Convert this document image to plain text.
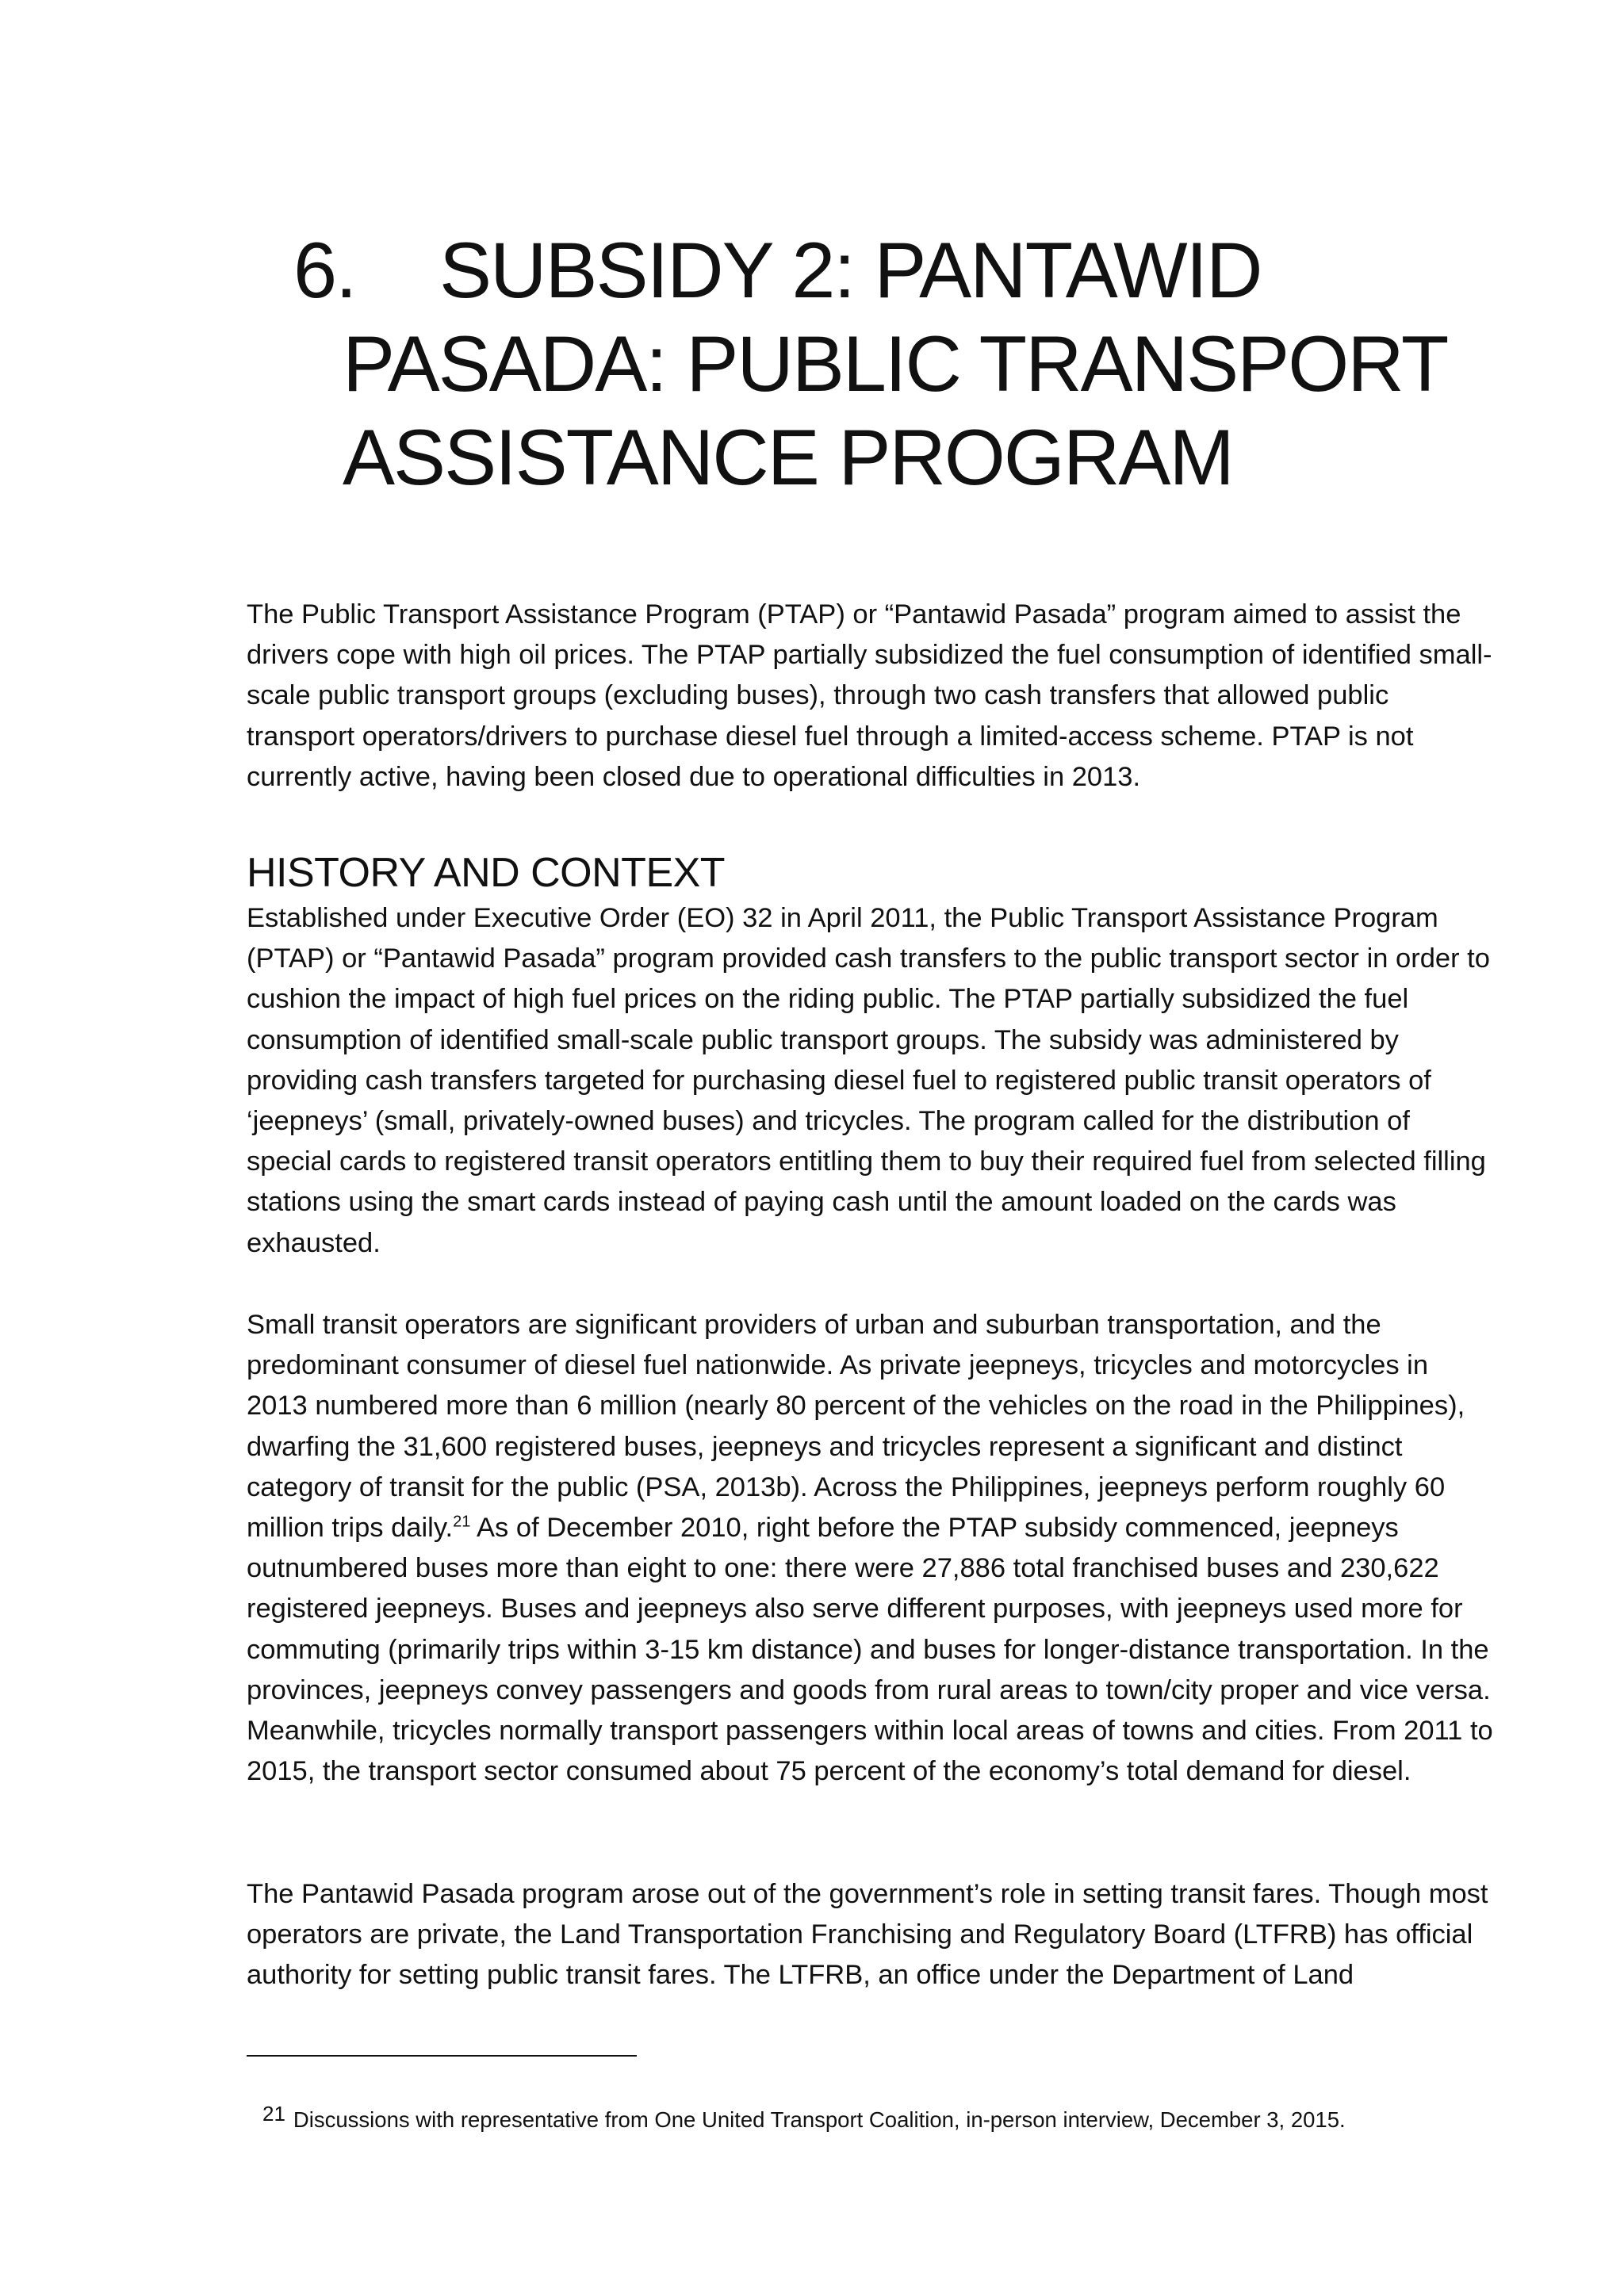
6. SUBSIDY 2: PANTAWID
PASADA: PUBLIC TRANSPORT
ASSISTANCE PROGRAM

The Public Transport Assistance Program (PTAP) or “Pantawid Pasada” program aimed to assist the drivers cope with high oil prices. The PTAP partially subsidized the fuel consumption of identified small-scale public transport groups (excluding buses), through two cash transfers that allowed public transport operators/drivers to purchase diesel fuel through a limited-access scheme. PTAP is not currently active, having been closed due to operational difficulties in 2013.

HISTORY AND CONTEXT

Established under Executive Order (EO) 32 in April 2011, the Public Transport Assistance Program (PTAP) or “Pantawid Pasada” program provided cash transfers to the public transport sector in order to cushion the impact of high fuel prices on the riding public. The PTAP partially subsidized the fuel consumption of identified small-scale public transport groups. The subsidy was administered by providing cash transfers targeted for purchasing diesel fuel to registered public transit operators of ‘jeepneys’ (small, privately-owned buses) and tricycles. The program called for the distribution of special cards to registered transit operators entitling them to buy their required fuel from selected filling stations using the smart cards instead of paying cash until the amount loaded on the cards was exhausted.

Small transit operators are significant providers of urban and suburban transportation, and the predominant consumer of diesel fuel nationwide. As private jeepneys, tricycles and motorcycles in 2013 numbered more than 6 million (nearly 80 percent of the vehicles on the road in the Philippines), dwarfing the 31,600 registered buses, jeepneys and tricycles represent a significant and distinct category of transit for the public (PSA, 2013b). Across the Philippines, jeepneys perform roughly 60 million trips daily.$^{21}$ As of December 2010, right before the PTAP subsidy commenced, jeepneys outnumbered buses more than eight to one: there were 27,886 total franchised buses and 230,622 registered jeepneys. Buses and jeepneys also serve different purposes, with jeepneys used more for commuting (primarily trips within 3-15 km distance) and buses for longer-distance transportation. In the provinces, jeepneys convey passengers and goods from rural areas to town/city proper and vice versa. Meanwhile, tricycles normally transport passengers within local areas of towns and cities. From 2011 to 2015, the transport sector consumed about 75 percent of the economy’s total demand for diesel.

The Pantawid Pasada program arose out of the government’s role in setting transit fares. Though most operators are private, the Land Transportation Franchising and Regulatory Board (LTFRB) has official authority for setting public transit fares. The LTFRB, an office under the Department of Land

21 Discussions with representative from One United Transport Coalition, in-person interview, December 3, 2015.
